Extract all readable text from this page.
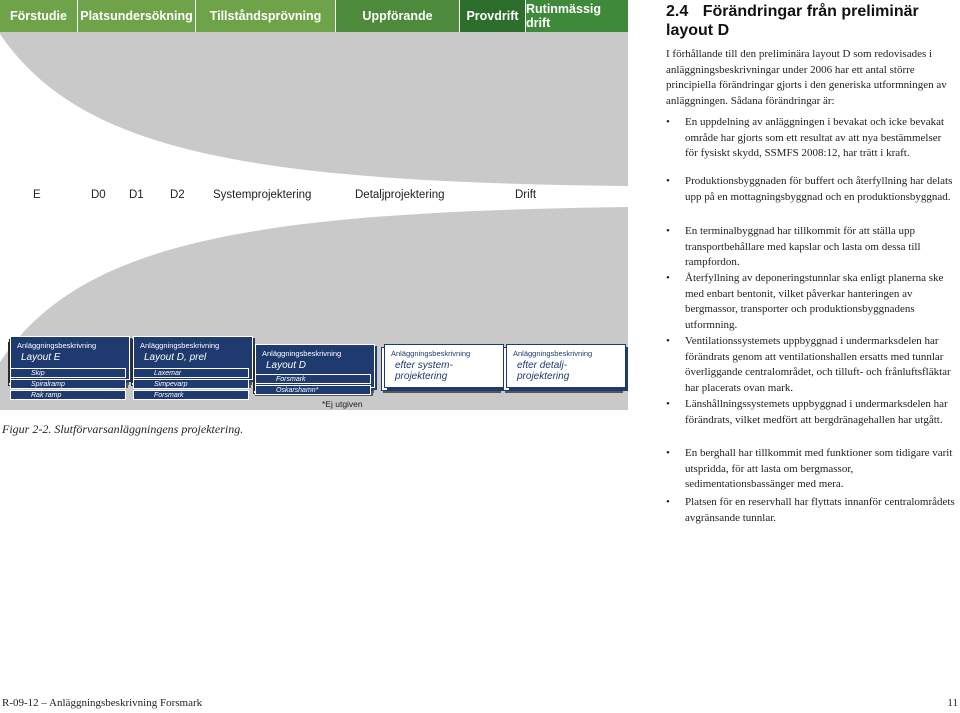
Förstudie	Platsundersökning	Tillståndsprövning	Uppförande	Provdrift Rutinmässig drift
E	D0 D1 D2 Systemprojektering	Detaljprojektering	Drift
Anläggningsbeskrivning
Layout E
Skip
Spiralramp
Rak ramp
Anläggningsbeskrivning
Layout D, prel
Laxemar
Simpevarp
Forsmark
Anläggningsbeskrivning
Layout D
Forsmark
Oskarshamn*
Anläggningsbeskrivning
efter system-
projektering
Anläggningsbeskrivning
efter detalj-
projektering
*Ej utgiven
Figur 2-2. Slutförvarsanläggningens projektering.
2.4 Förändringar från preliminär layout D
I förhållande till den preliminära layout D som redovisades i anläggningsbeskrivningar under 2006 har ett antal större principiella förändringar gjorts i den generiska utformningen av anläggningen. Sådana förändringar är:
• En uppdelning av anläggningen i bevakat och icke bevakat område har gjorts som ett resultat av att nya bestämmelser för fysiskt skydd, SSMFS 2008:12, har trätt i kraft.
• Produktionsbyggnaden för buffert och återfyllning har delats upp på en mottagningsbyggnad och en produktionsbyggnad.
• En terminalbyggnad har tillkommit för att ställa upp transportbehållare med kapslar och lasta om dessa till rampfordon.
• Återfyllning av deponeringstunnlar ska enligt planerna ske med enbart bentonit, vilket påverkar hanteringen av bergmassor, transporter och produktionsbyggnadens utformning.
• Ventilationssystemets uppbyggnad i undermarksdelen har förändrats genom att ventilationshallen ersatts med tunnlar överliggande centralområdet, och tilluft- och frånluftsfläktar har placerats ovan mark.
• Länshållningssystemets uppbyggnad i undermarksdelen har förändrats, vilket medfört att bergdränagehallen har utgått.
• En berghall har tillkommit med funktioner som tidigare varit utspridda, för att lasta om bergmassor, sedimentationsbassänger med mera.
• Platsen för en reservhall har flyttats innanför centralområdets avgränsande tunnlar.
R-09-12 – Anläggningsbeskrivning Forsmark	11
